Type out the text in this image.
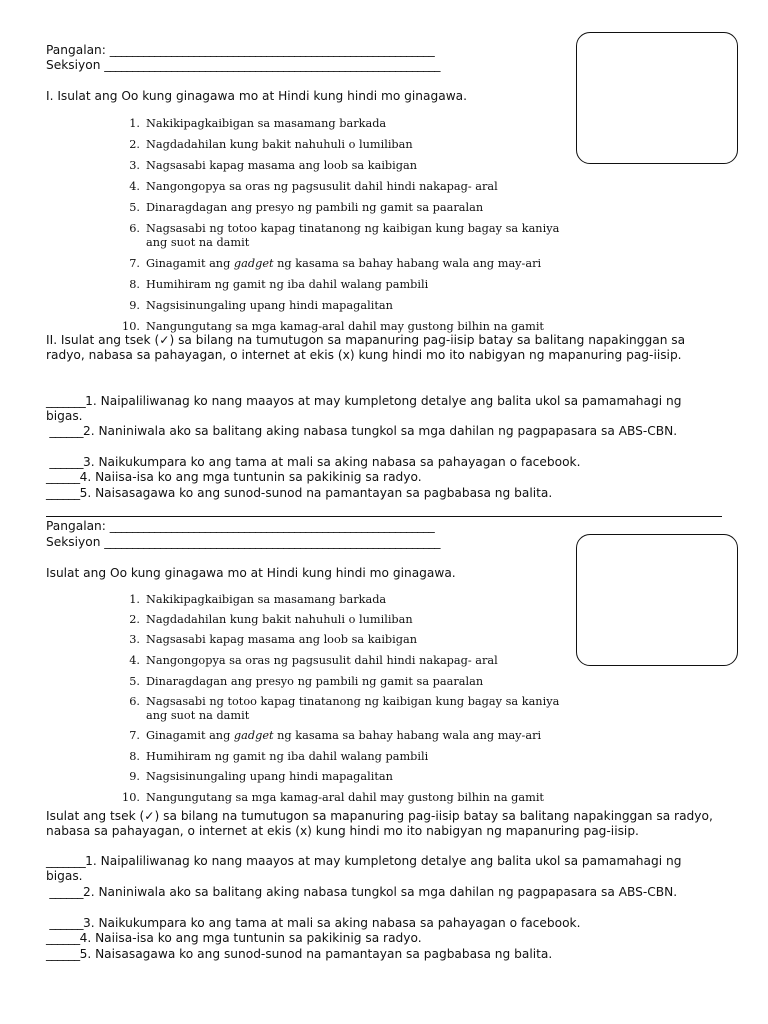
Pangalan: __________________________________________________________
Seksiyon ____________________________________________________________
I. Isulat ang Oo kung ginagawa mo at Hindi kung hindi mo ginagawa.
1. Nakikipagkaibigan sa masamang barkada
2. Nagdadahilan kung bakit nahuhuli o lumiliban
3. Nagsasabi kapag masama ang loob sa kaibigan
4. Nangongopya sa oras ng pagsusulit dahil hindi nakapag- aral
5. Dinaragdagan ang presyo ng pambili ng gamit sa paaralan
6. Nagsasabi ng totoo kapag tinatanong ng kaibigan kung bagay sa kaniya
ang suot na damit
7. Ginagamit ang gadget ng kasama sa bahay habang wala ang may-ari
8. Humihiram ng gamit ng iba dahil walang pambili
9. Nagsisinungaling upang hindi mapagalitan
10. Nangungutang sa mga kamag-aral dahil may gustong bilhin na gamit
II. Isulat ang tsek (✓) sa bilang na tumutugon sa mapanuring pag-iisip batay sa balitang napakinggan sa radyo, nabasa sa pahayagan, o internet at ekis (x) kung hindi mo ito nabigyan ng mapanuring pag-iisip.
_______1. Naipaliliwanag ko nang maayos at may kumpletong detalye ang balita ukol sa pamamahagi ng bigas.
______2. Naniniwala ako sa balitang aking nabasa tungkol sa mga dahilan ng pagpapasara sa ABS-CBN.
______3. Naikukumpara ko ang tama at mali sa aking nabasa sa pahayagan o facebook.
______4. Naiisa-isa ko ang mga tuntunin sa pakikinig sa radyo.
______5. Naisasagawa ko ang sunod-sunod na pamantayan sa pagbabasa ng balita.
Pangalan: __________________________________________________________
Seksiyon ____________________________________________________________
Isulat ang Oo kung ginagawa mo at Hindi kung hindi mo ginagawa.
1. Nakikipagkaibigan sa masamang barkada
2. Nagdadahilan kung bakit nahuhuli o lumiliban
3. Nagsasabi kapag masama ang loob sa kaibigan
4. Nangongopya sa oras ng pagsusulit dahil hindi nakapag- aral
5. Dinaragdagan ang presyo ng pambili ng gamit sa paaralan
6. Nagsasabi ng totoo kapag tinatanong ng kaibigan kung bagay sa kaniya
ang suot na damit
7. Ginagamit ang gadget ng kasama sa bahay habang wala ang may-ari
8. Humihiram ng gamit ng iba dahil walang pambili
9. Nagsisinungaling upang hindi mapagalitan
10. Nangungutang sa mga kamag-aral dahil may gustong bilhin na gamit
Isulat ang tsek (✓) sa bilang na tumutugon sa mapanuring pag-iisip batay sa balitang napakinggan sa radyo, nabasa sa pahayagan, o internet at ekis (x) kung hindi mo ito nabigyan ng mapanuring pag-iisip.
_______1. Naipaliliwanag ko nang maayos at may kumpletong detalye ang balita ukol sa pamamahagi ng bigas.
______2. Naniniwala ako sa balitang aking nabasa tungkol sa mga dahilan ng pagpapasara sa ABS-CBN.
______3. Naikukumpara ko ang tama at mali sa aking nabasa sa pahayagan o facebook.
______4. Naiisa-isa ko ang mga tuntunin sa pakikinig sa radyo.
______5. Naisasagawa ko ang sunod-sunod na pamantayan sa pagbabasa ng balita.
